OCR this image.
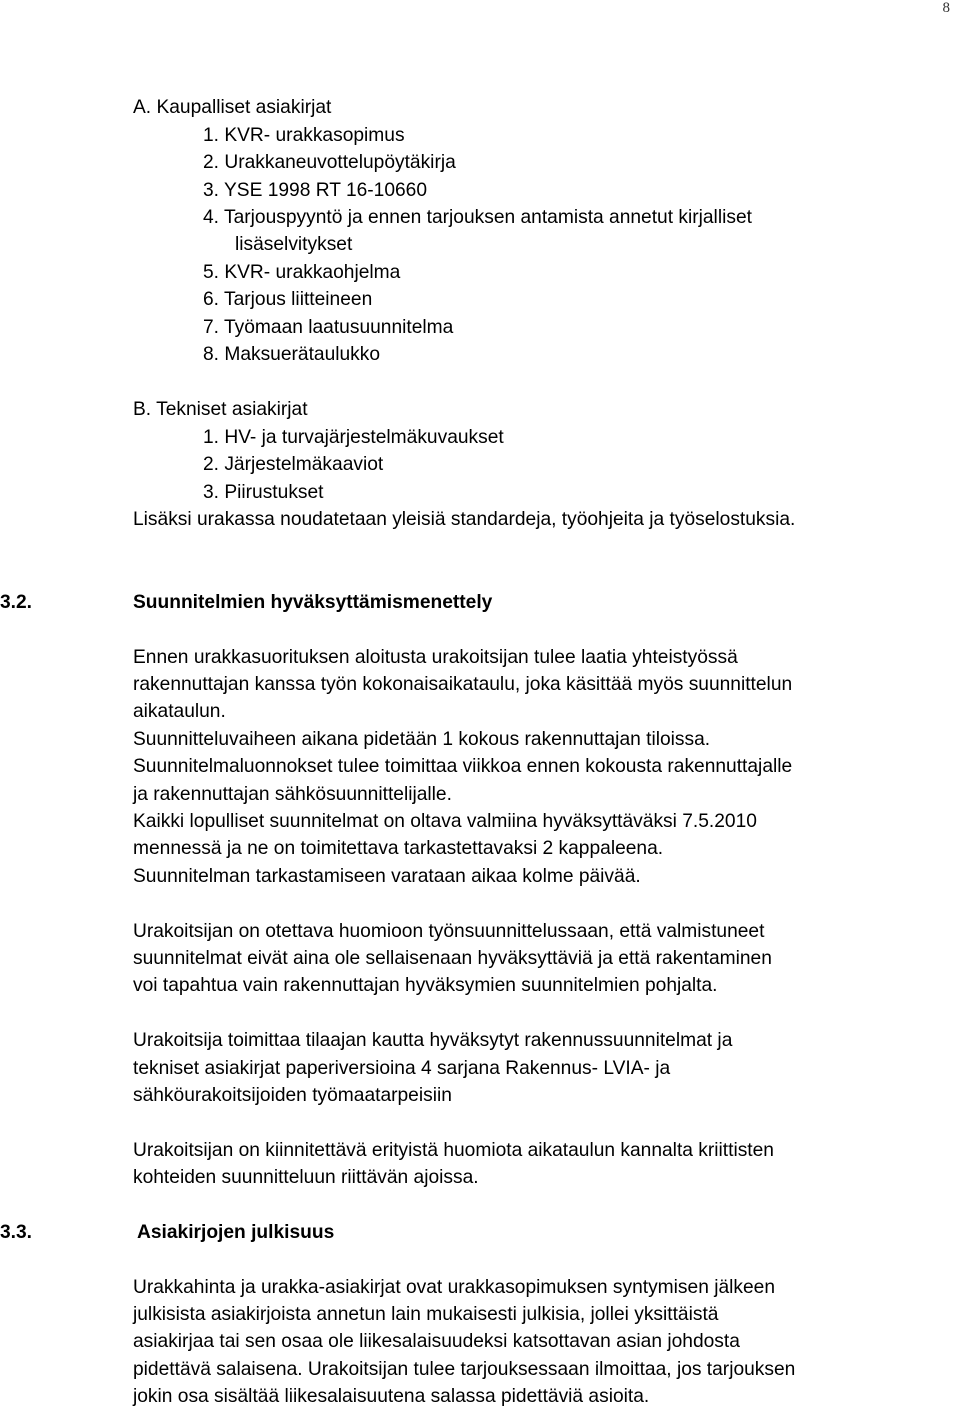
8
A. Kaupalliset asiakirjat
1. KVR- urakkasopimus
2. Urakkaneuvottelupöytäkirja
3. YSE 1998 RT 16-10660
4. Tarjouspyyntö ja ennen tarjouksen antamista annetut kirjalliset
lisäselvitykset
5. KVR- urakkaohjelma
6. Tarjous liitteineen
7. Työmaan laatusuunnitelma
8. Maksuerätaulukko
B. Tekniset asiakirjat
1. HV- ja turvajärjestelmäkuvaukset
2. Järjestelmäkaaviot
3. Piirustukset
Lisäksi urakassa noudatetaan yleisiä standardeja, työohjeita ja työselostuksia.
3.2.	Suunnitelmien hyväksyttämismenettely
Ennen urakkasuorituksen aloitusta urakoitsijan tulee laatia yhteistyössä
rakennuttajan kanssa työn kokonaisaikataulu, joka käsittää myös suunnittelun
aikataulun.
Suunnitteluvaiheen aikana pidetään 1 kokous rakennuttajan tiloissa.
Suunnitelmaluonnokset tulee toimittaa viikkoa ennen kokousta rakennuttajalle
ja rakennuttajan sähkösuunnittelijalle.
Kaikki lopulliset suunnitelmat on oltava valmiina hyväksyttäväksi 7.5.2010
mennessä ja ne on toimitettava tarkastettavaksi 2 kappaleena.
Suunnitelman tarkastamiseen varataan aikaa kolme päivää.
Urakoitsijan on otettava huomioon työnsuunnittelussaan, että valmistuneet
suunnitelmat eivät aina ole sellaisenaan hyväksyttäviä ja että rakentaminen
voi tapahtua vain rakennuttajan hyväksymien suunnitelmien pohjalta.
Urakoitsija toimittaa tilaajan kautta hyväksytyt rakennussuunnitelmat ja
tekniset asiakirjat paperiversioina 4 sarjana Rakennus- LVIA- ja
sähköurakoitsijoiden työmaatarpeisiin
Urakoitsijan on kiinnitettävä erityistä huomiota aikataulun kannalta kriittisten
kohteiden suunnitteluun riittävän ajoissa.
3.3.	Asiakirjojen julkisuus
Urakkahinta ja urakka-asiakirjat ovat urakkasopimuksen syntymisen jälkeen
julkisista asiakirjoista annetun lain mukaisesti julkisia, jollei yksittäistä
asiakirjaa tai sen osaa ole liikesalaisuudeksi katsottavan asian johdosta
pidettävä salaisena. Urakoitsijan tulee tarjouksessaan ilmoittaa, jos tarjouksen
jokin osa sisältää liikesalaisuutena salassa pidettäviä asioita.
